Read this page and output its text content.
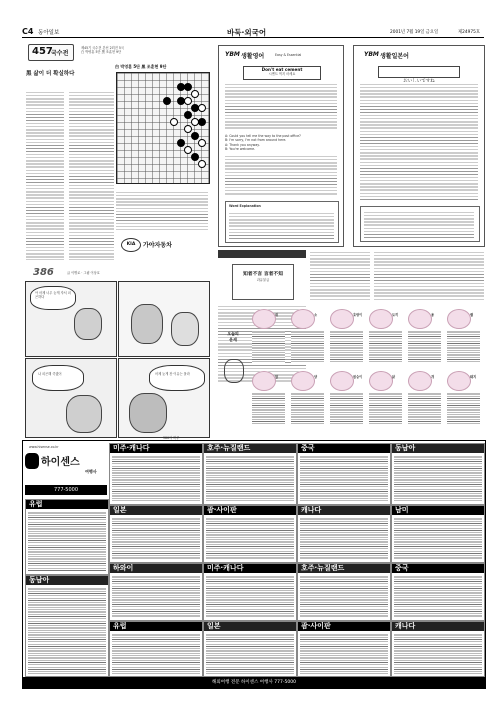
C4 동아일보	바둑·외국어	2001년 7월 19일 금요일	제24975호
457
국수전
제45기 국수전 본선 2회전 5국
白 박영훈 5단 黑 조훈현 9단
白 박영훈 5단 黑 조훈현 9단
黑 삶이 더 확실하다
KIA	가야자동차
386	글 이병로 · 그림 이상호
아 어제 너무 늦게 자서 피곤하다
나 피곤해 죽겠어	어제 늦게 잔 이유는 몰라
386의 하루
YBM 생활영어	Easy & Essential
Don't eat cement
시멘트 먹지 마세요
A: Could you tell me the way to the post office?
B: I'm sorry, I'm not from around here.
A: Thank you anyway.
B: You're welcome.
Word Explanation
YBM 생활일본어
知者不言 言者不知
과유불급
오늘의
운세
쥐	소	호랑이	토끼	용	뱀
말	양	원숭이	닭	개	돼지
하이센스
www.hisense.co.kr
여행사
777-5000
미주·캐나다	호주·뉴질랜드	중국	동남아
유럽
일본	괌·사이판	캐나다	남미
하와이	미주·캐나다	호주·뉴질랜드	중국
동남아
유럽	일본	괌·사이판	캐나다
해외여행 전문 하이센스 여행사 777-5000
